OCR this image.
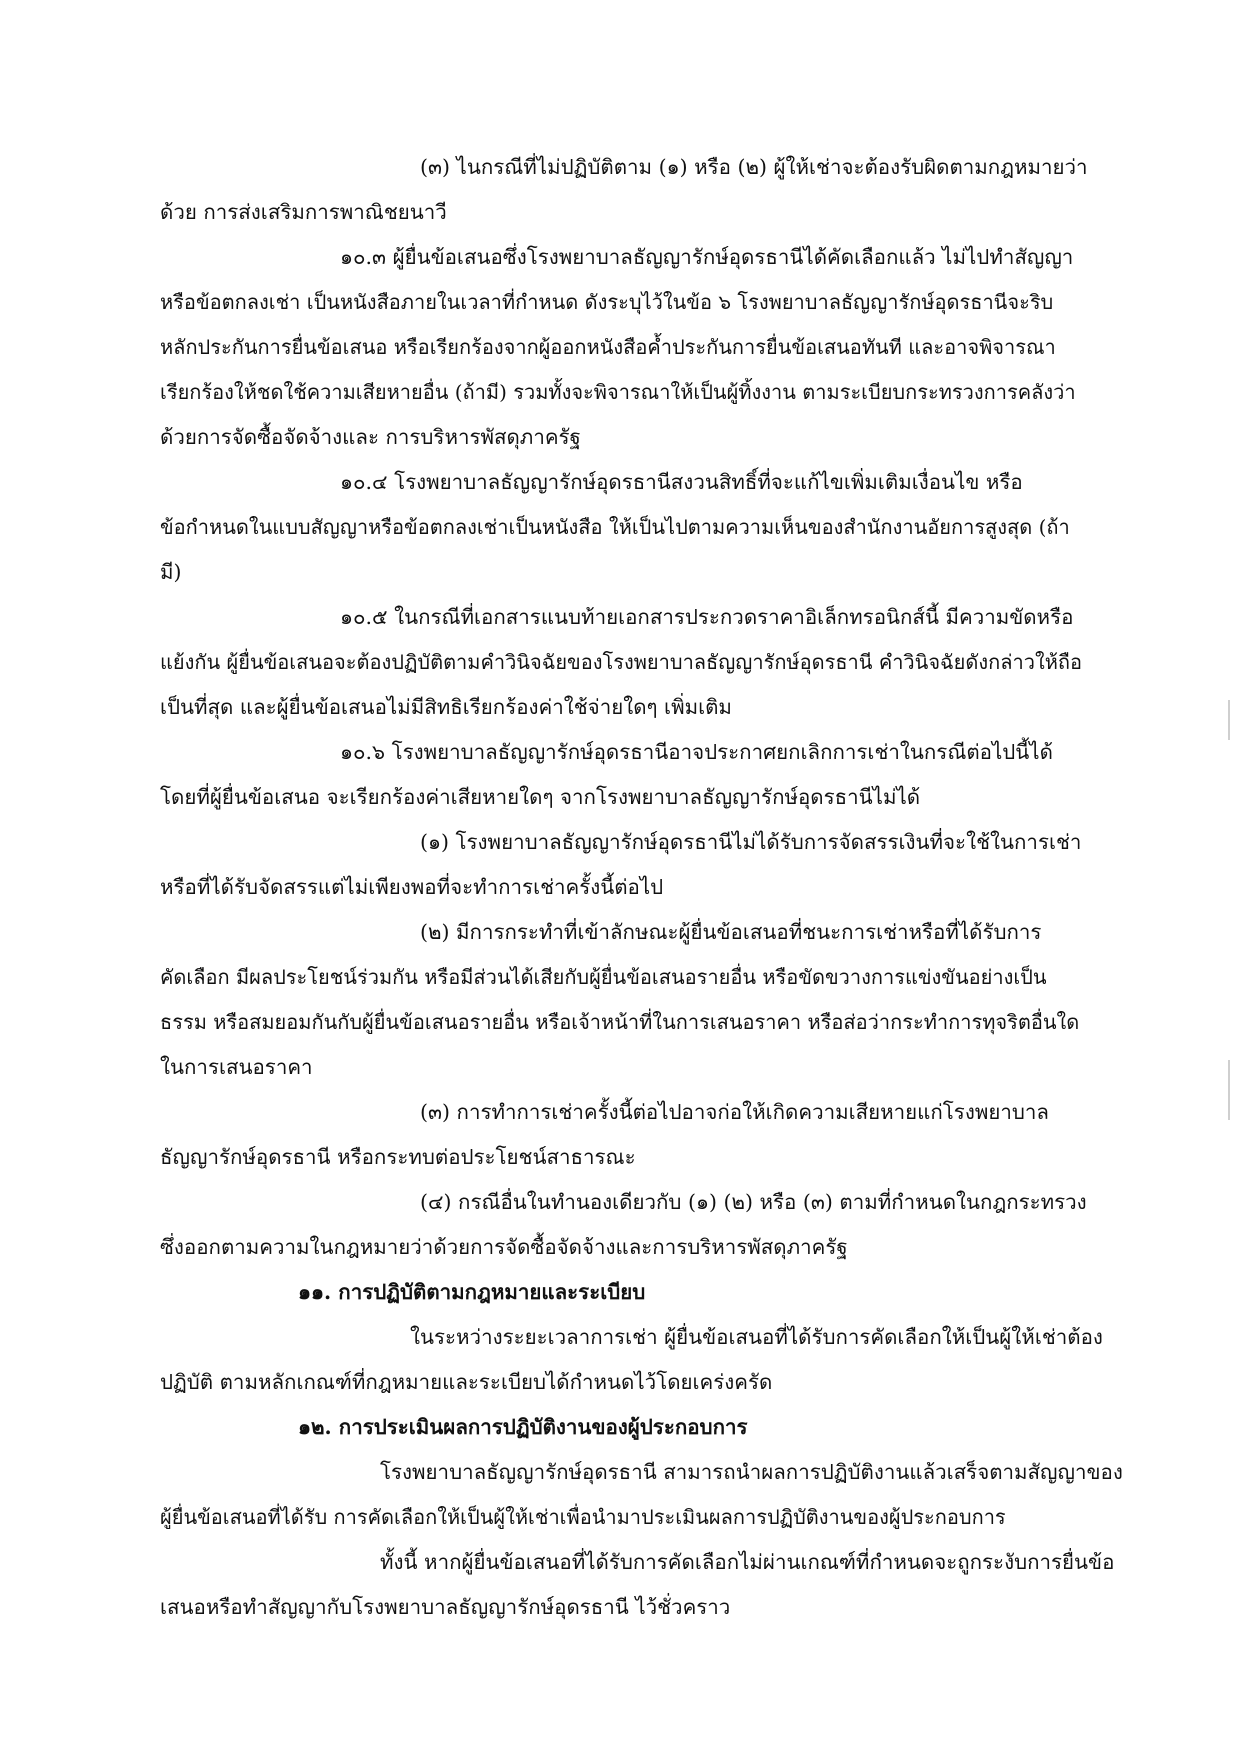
(๓) ไนกรณีที่ไม่ปฏิบัติตาม (๑) หรือ (๒) ผู้ให้เช่าจะต้องรับผิดตามกฎหมายว่า
ด้วย การส่งเสริมการพาณิชยนาวี
๑๐.๓ ผู้ยื่นข้อเสนอซึ่งโรงพยาบาลธัญญารักษ์อุดรธานีได้คัดเลือกแล้ว ไม่ไปทำสัญญา
หรือข้อตกลงเช่า เป็นหนังสือภายในเวลาที่กำหนด ดังระบุไว้ในข้อ ๖ โรงพยาบาลธัญญารักษ์อุดรธานีจะริบ
หลักประกันการยื่นข้อเสนอ หรือเรียกร้องจากผู้ออกหนังสือค้ำประกันการยื่นข้อเสนอทันที และอาจพิจารณา
เรียกร้องให้ชดใช้ความเสียหายอื่น (ถ้ามี) รวมทั้งจะพิจารณาให้เป็นผู้ทิ้งงาน ตามระเบียบกระทรวงการคลังว่า
ด้วยการจัดซื้อจัดจ้างและ การบริหารพัสดุภาครัฐ
๑๐.๔ โรงพยาบาลธัญญารักษ์อุดรธานีสงวนสิทธิ์ที่จะแก้ไขเพิ่มเติมเงื่อนไข หรือ
ข้อกำหนดในแบบสัญญาหรือข้อตกลงเช่าเป็นหนังสือ ให้เป็นไปตามความเห็นของสำนักงานอัยการสูงสุด (ถ้า
มี)
๑๐.๕ ในกรณีที่เอกสารแนบท้ายเอกสารประกวดราคาอิเล็กทรอนิกส์นี้ มีความขัดหรือ
แย้งกัน ผู้ยื่นข้อเสนอจะต้องปฏิบัติตามคำวินิจฉัยของโรงพยาบาลธัญญารักษ์อุดรธานี คำวินิจฉัยดังกล่าวให้ถือ
เป็นที่สุด และผู้ยื่นข้อเสนอไม่มีสิทธิเรียกร้องค่าใช้จ่ายใดๆ เพิ่มเติม
๑๐.๖ โรงพยาบาลธัญญารักษ์อุดรธานีอาจประกาศยกเลิกการเช่าในกรณีต่อไปนี้ได้
โดยที่ผู้ยื่นข้อเสนอ จะเรียกร้องค่าเสียหายใดๆ จากโรงพยาบาลธัญญารักษ์อุดรธานีไม่ได้
(๑) โรงพยาบาลธัญญารักษ์อุดรธานีไม่ได้รับการจัดสรรเงินที่จะใช้ในการเช่า
หรือที่ได้รับจัดสรรแต่ไม่เพียงพอที่จะทำการเช่าครั้งนี้ต่อไป
(๒) มีการกระทำที่เข้าลักษณะผู้ยื่นข้อเสนอที่ชนะการเช่าหรือที่ได้รับการ
คัดเลือก มีผลประโยชน์ร่วมกัน หรือมีส่วนได้เสียกับผู้ยื่นข้อเสนอรายอื่น หรือขัดขวางการแข่งขันอย่างเป็น
ธรรม หรือสมยอมกันกับผู้ยื่นข้อเสนอรายอื่น หรือเจ้าหน้าที่ในการเสนอราคา หรือส่อว่ากระทำการทุจริตอื่นใด
ในการเสนอราคา
(๓) การทำการเช่าครั้งนี้ต่อไปอาจก่อให้เกิดความเสียหายแก่โรงพยาบาล
ธัญญารักษ์อุดรธานี หรือกระทบต่อประโยชน์สาธารณะ
(๔) กรณีอื่นในทำนองเดียวกับ (๑) (๒) หรือ (๓) ตามที่กำหนดในกฎกระทรวง
ซึ่งออกตามความในกฎหมายว่าด้วยการจัดซื้อจัดจ้างและการบริหารพัสดุภาครัฐ
๑๑. การปฏิบัติตามกฎหมายและระเบียบ
ในระหว่างระยะเวลาการเช่า ผู้ยื่นข้อเสนอที่ได้รับการคัดเลือกให้เป็นผู้ให้เช่าต้อง
ปฏิบัติ ตามหลักเกณฑ์ที่กฎหมายและระเบียบได้กำหนดไว้โดยเคร่งครัด
๑๒. การประเมินผลการปฏิบัติงานของผู้ประกอบการ
โรงพยาบาลธัญญารักษ์อุดรธานี สามารถนำผลการปฏิบัติงานแล้วเสร็จตามสัญญาของ
ผู้ยื่นข้อเสนอที่ได้รับ การคัดเลือกให้เป็นผู้ให้เช่าเพื่อนำมาประเมินผลการปฏิบัติงานของผู้ประกอบการ
ทั้งนี้ หากผู้ยื่นข้อเสนอที่ได้รับการคัดเลือกไม่ผ่านเกณฑ์ที่กำหนดจะถูกระงับการยื่นข้อ
เสนอหรือทำสัญญากับโรงพยาบาลธัญญารักษ์อุดรธานี ไว้ชั่วคราว
